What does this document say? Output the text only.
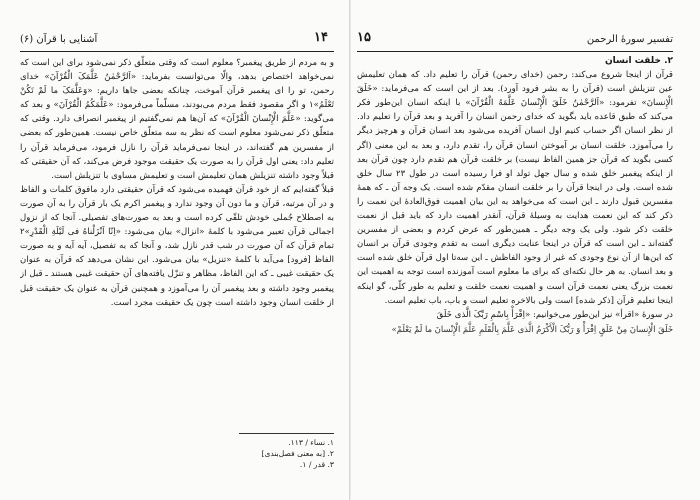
تفسیر سورهٔ الرحمن
۱۵

۲. خلقت انسان

قرآن از اینجا شروع می‌کند: رحمن (خدای رحمن) قرآن را تعلیم داد. که همان تعلیمش عین تنزیلش است (قرآن را به بشر فرود آورد). بعد از این است که می‌فرماید: «خَلَقَ الْإِنسانَ» تفرمود: «اَلرَّحْمٰنُ خَلَقَ الْإِنْسانَ عَلَّمَهُ الْقُرْآنَ» با اینکه انسان این‌طور فکر می‌کند که طبق قاعده باید بگوید که خدای رحمن انسان را آفرید و بعد قرآن را تعلیم داد. از نظر انسان اگر حساب کنیم اول انسان آفریده می‌شود بعد انسان قرآن و هرچیز دیگر را می‌آموزد. خلقت انسان بر آموختن انسان قرآن را، تقدم دارد، و بعد به این معنی (اگر کسی بگوید که قرآن جز همین الفاظ نیست) بر خلقت قرآن هم تقدم دارد چون قرآن بعد از اینکه پیغمبر خلق شده و سال جهل تولد او فرا رسیده است در طول ۲۳ سال خلق شده است. ولی در اینجا قرآن را بر خلقت انسان مقدّم شده است. یک وجه آن ـ که همهٔ مفسرین قبول دارند ـ این است که می‌خواهد به این بیان اهمیت فوق‌العادهٔ این نعمت را ذکر کند که این نعمت هدایت به وسیلهٔ قرآن، آنقدر اهمیت دارد که باید قبل از نعمت خلقت ذکر شود. ولی یک وجه دیگر ـ همین‌طور که عرض کردم و بعضی از مفسرین گفته‌اند ـ این است که قرآن در اینجا عنایت دیگری است به تقدم وجودی قرآن بر انسان که این‌ها از آن نوع وجودی که غیر از وجود الفاظش ـ این سه‌تا اول قرآن خلق شده است و بعد انسان. به هر حال نکته‌ای که برای ما معلوم است آموزنده است توجه به اهمیت این نعمت بزرگ یعنی نعمت قرآن است و اهمیت نعمت خلقت و تعلیم به طور کلّی، گو اینکه اینجا تعلیم قرآن [ذکر شده] است ولی بالاخره تعلیم است و باب، باب تعلیم است.

در سورهٔ «اقرأ» نیز این‌طور می‌خوانیم: «اِقْرَأْ بِاسْمِ رَبِّکَ الَّذی خَلَقَ

خَلَقَ الْإِنسانَ مِنْ عَلَقٍ اِقْرَأْ وَ رَبُّکَ الْأَکْرَمُ الَّذی عَلَّمَ بِالْقَلَمِ عَلَّمَ الْإِنْسانَ ما لَمْ یَعْلَمْ»

آشنایی با قرآن (۶)	۱۴

و به مردم از طریق پیغمبر؟ معلوم است که وقتی متعلّق ذکر نمی‌شود برای این است که نمی‌خواهد اختصاص بدهد، والّا می‌توانست بفرماید: «اَلرَّحْمٰنُ عَلَّمَکَ الْقُرْآنَ» خدای رحمن، تو را ای پیغمبر قرآن آموخت، چنانکه بعضی جاها داریم: «وَعَلَّمَکَ ما لَمْ تَکُنْ تَعْلَمُ»۱ و اگر مقصود فقط مردم می‌بودند، مسلّماً می‌فرمود: «عَلَّمَکُمُ الْقُرْآنَ» و بعد که می‌گوید: «عَلَّمَ الْإِنْسانَ الْقُرْآنَ» که آن‌ها هم نمی‌گفتیم از پیغمبر انصراف دارد. وقتی که متعلّق ذکر نمی‌شود معلوم است که نظر به سه متعلّق خاص نیست. همین‌طور که بعضی از مفسرین هم گفته‌اند، در اینجا نمی‌فرماید قرآن را نازل فرمود، می‌فرماید قرآن را تعلیم داد: یعنی اول قرآن را به صورت یک حقیقت موجود فرض می‌کند، که آن حقیقتی که قبلاً وجود داشته تنزیلش همان تعلیمش است و تعلیمش مساوی با تنزیلش است.

قبلاً گفته‌ایم که از خود قرآن فهمیده می‌شود که قرآن حقیقتی دارد مافوق کلمات و الفاظ و در آن مرتبه، قرآن و ما دون آن وجود ندارد و پیغمبر اکرم یک بار قرآن را به آن صورت به اصطلاح جُملی خودش تلقّی کرده است و بعد به صورت‌های تفصیلی. آنجا که از نزول اجمالی قرآن تعبیر می‌شود با کلمهٔ «انزال» بیان می‌شود: «اِنّا اَنْزَلْناهُ فی لَیْلَةِ الْقَدْرِ»۲ تمام قرآن که آن صورت در شب قدر نازل شد، و آنجا که به تفصیل، آیه آیه و به صورت الفاظ [فرود] می‌آید با کلمهٔ «تنزیل» بیان می‌شود. این نشان می‌دهد که قرآن به عنوان یک حقیقت غیبی ـ که این الفاظ، مظاهر و تنزّل یافته‌های آن حقیقت غیبی هستند ـ قبل از پیغمبر وجود داشته و بعد پیغمبر آن را می‌آموزد و همچنین قرآن به عنوان یک حقیقت قبل از خلقت انسان وجود داشته است چون یک حقیقت مجرد است.

۱. نساء / ۱۱۳.
۲. [به معنی فصل‌بندی]
۳. قدر / ۱.
